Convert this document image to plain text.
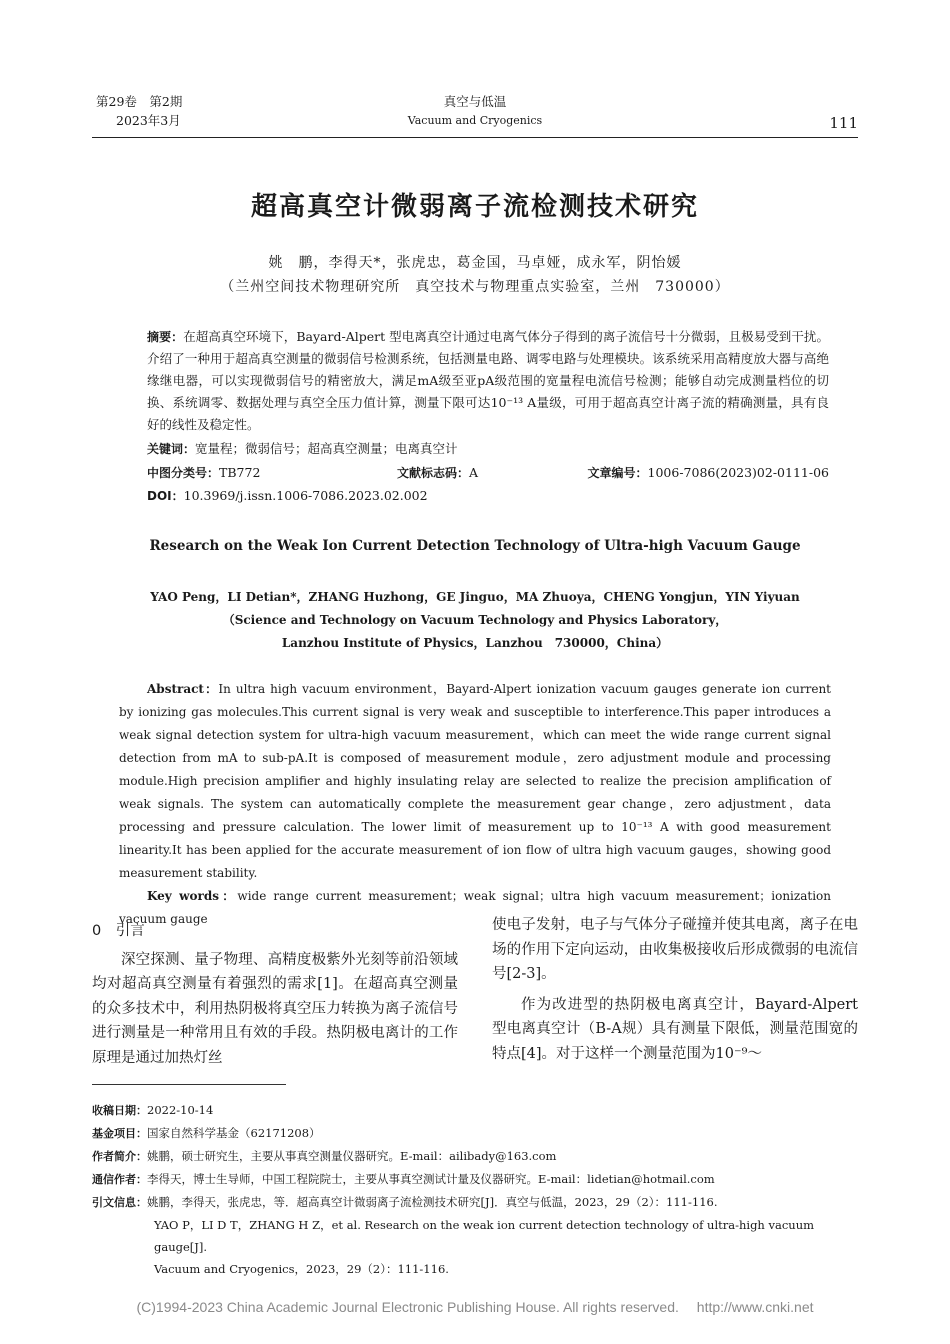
第29卷　第2期
2023年3月
真空与低温
Vacuum and Cryogenics	111
超高真空计微弱离子流检测技术研究
姚　鹏，李得天*，张虎忠，葛金国，马卓娅，成永军，阴怡媛
（兰州空间技术物理研究所　真空技术与物理重点实验室，兰州　730000）
摘要：在超高真空环境下，Bayard-Alpert 型电离真空计通过电离气体分子得到的离子流信号十分微弱，且极易受到干扰。介绍了一种用于超高真空测量的微弱信号检测系统，包括测量电路、调零电路与处理模块。该系统采用高精度放大器与高绝缘继电器，可以实现微弱信号的精密放大，满足mA级至亚pA级范围的宽量程电流信号检测；能够自动完成测量档位的切换、系统调零、数据处理与真空全压力值计算，测量下限可达10⁻¹³ A量级，可用于超高真空计离子流的精确测量，具有良好的线性及稳定性。
关键词：宽量程；微弱信号；超高真空测量；电离真空计
中图分类号：TB772	文献标志码：A	文章编号：1006-7086(2023)02-0111-06
DOI：10.3969/j.issn.1006-7086.2023.02.002
Research on the Weak Ion Current Detection Technology of Ultra-high Vacuum Gauge
YAO Peng，LI Detian*，ZHANG Huzhong，GE Jinguo，MA Zhuoya，CHENG Yongjun，YIN Yiyuan
（Science and Technology on Vacuum Technology and Physics Laboratory，
Lanzhou Institute of Physics，Lanzhou　730000，China）
Abstract：In ultra high vacuum environment，Bayard-Alpert ionization vacuum gauges generate ion current by ionizing gas molecules.This current signal is very weak and susceptible to interference.This paper introduces a weak signal detection system for ultra-high vacuum measurement，which can meet the wide range current signal detection from mA to sub-pA.It is composed of measurement module，zero adjustment module and processing module.High precision amplifier and highly insulating relay are selected to realize the precision amplification of weak signals. The system can automatically complete the measurement gear change，zero adjustment，data processing and pressure calculation. The lower limit of measurement up to 10⁻¹³ A with good measurement linearity.It has been applied for the accurate measurement of ion flow of ultra high vacuum gauges，showing good measurement stability.
Key words：wide range current measurement；weak signal；ultra high vacuum measurement；ionization vacuum gauge
0　引言
深空探测、量子物理、高精度极紫外光刻等前沿领域均对超高真空测量有着强烈的需求[1]。在超高真空测量的众多技术中，利用热阴极将真空压力转换为离子流信号进行测量是一种常用且有效的手段。热阴极电离计的工作原理是通过加热灯丝
使电子发射，电子与气体分子碰撞并使其电离，离子在电场的作用下定向运动，由收集极接收后形成微弱的电流信号[2-3]。
作为改进型的热阴极电离真空计，Bayard-Alpert 型电离真空计（B-A规）具有测量下限低，测量范围宽的特点[4]。对于这样一个测量范围为10⁻⁹～
收稿日期：2022-10-14
基金项目：国家自然科学基金（62171208）
作者简介：姚鹏，硕士研究生，主要从事真空测量仪器研究。E-mail：ailibady@163.com
通信作者：李得天，博士生导师，中国工程院院士，主要从事真空测试计量及仪器研究。E-mail：lidetian@hotmail.com
引文信息：姚鹏，李得天，张虎忠，等．超高真空计微弱离子流检测技术研究[J]．真空与低温，2023，29（2）：111-116.
YAO P，LI D T，ZHANG H Z，et al. Research on the weak ion current detection technology of ultra-high vacuum gauge[J].
Vacuum and Cryogenics，2023，29（2）：111-116.
(C)1994-2023 China Academic Journal Electronic Publishing House. All rights reserved.　 http://www.cnki.net
